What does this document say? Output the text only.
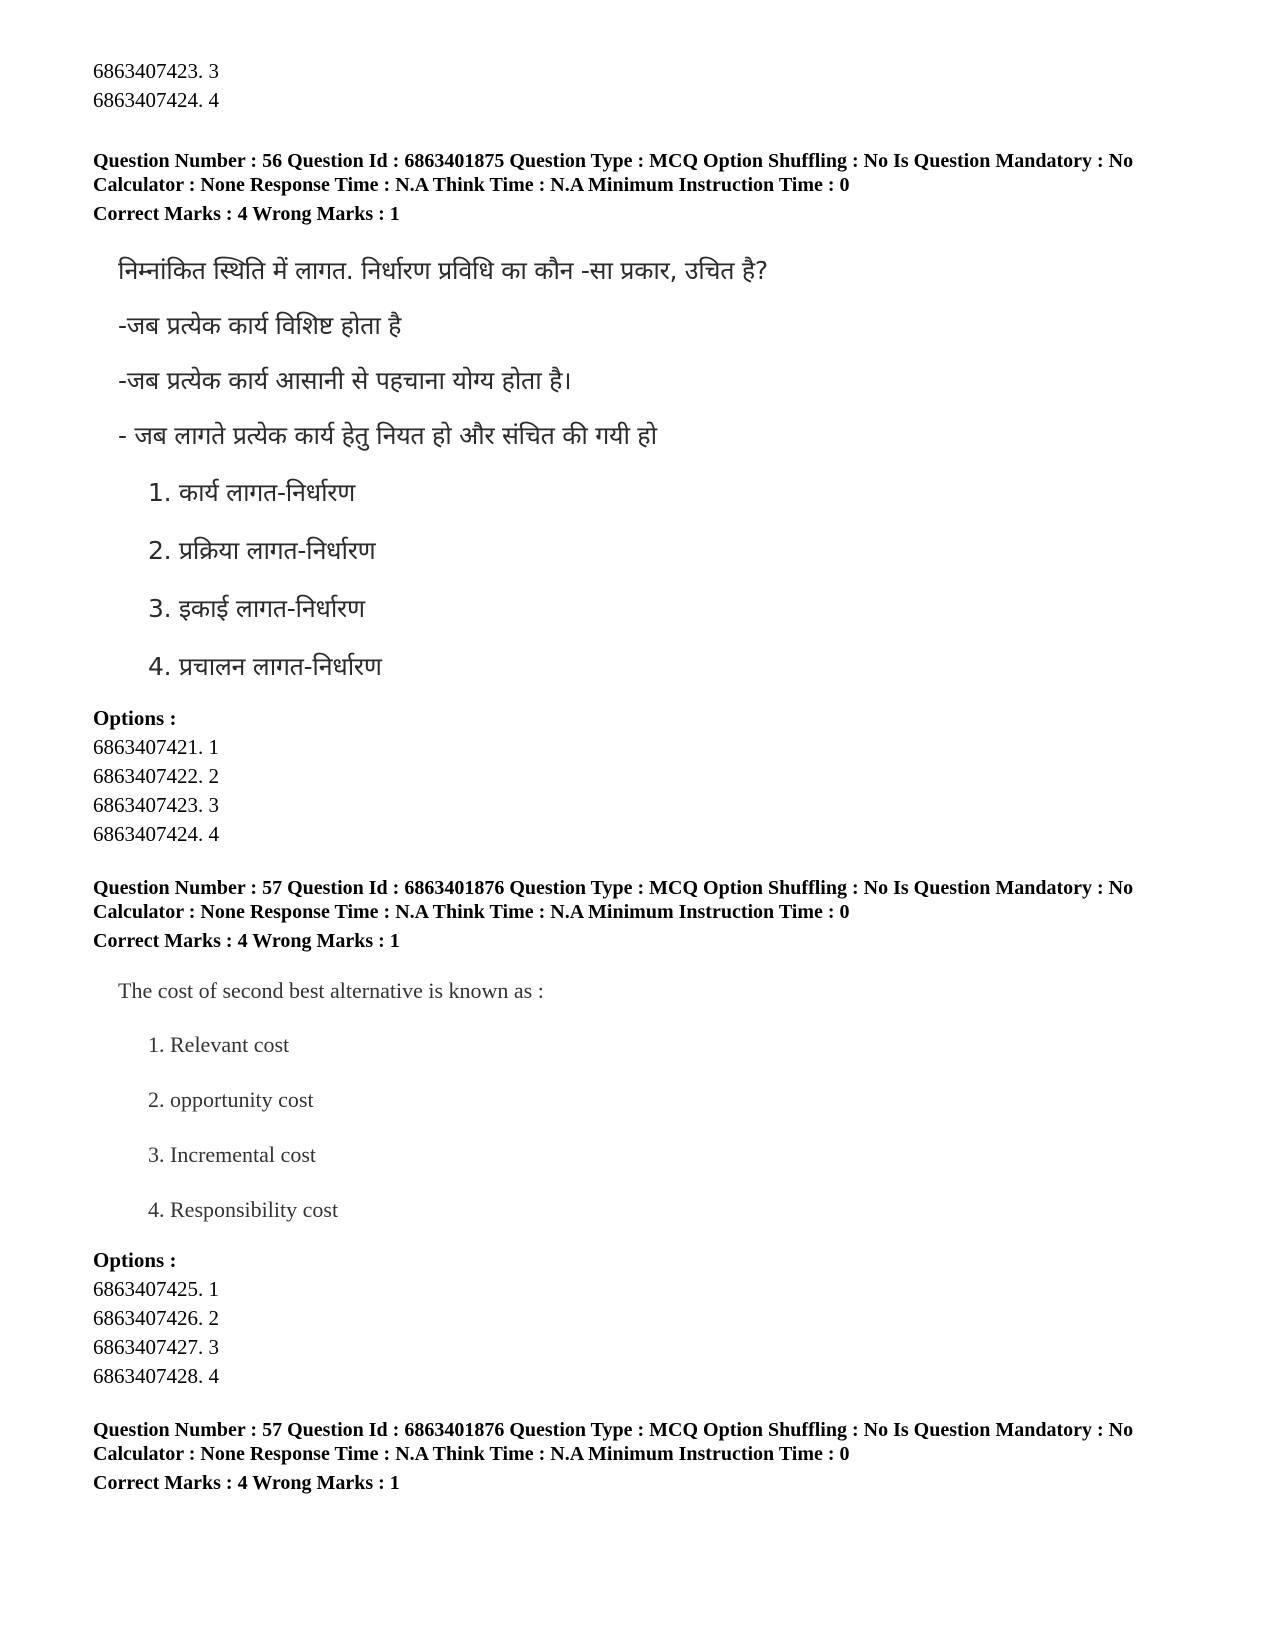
6863407423. 3
6863407424. 4
Question Number : 56 Question Id : 6863401875 Question Type : MCQ Option Shuffling : No Is Question Mandatory : No Calculator : None Response Time : N.A Think Time : N.A Minimum Instruction Time : 0
Correct Marks : 4 Wrong Marks : 1
निम्नांकित स्थिति में लागत. निर्धारण प्रविधि का कौन -सा प्रकार, उचित है?
-जब प्रत्येक कार्य विशिष्ट होता है
-जब प्रत्येक कार्य आसानी से पहचाना योग्य होता है।
- जब लागते प्रत्येक कार्य हेतु नियत हो और संचित की गयी हो
1. कार्य लागत-निर्धारण
2. प्रक्रिया लागत-निर्धारण
3. इकाई लागत-निर्धारण
4. प्रचालन लागत-निर्धारण
Options :
6863407421. 1
6863407422. 2
6863407423. 3
6863407424. 4
Question Number : 57 Question Id : 6863401876 Question Type : MCQ Option Shuffling : No Is Question Mandatory : No Calculator : None Response Time : N.A Think Time : N.A Minimum Instruction Time : 0
Correct Marks : 4 Wrong Marks : 1
The cost of second best alternative is known as :
1. Relevant cost
2. opportunity cost
3. Incremental cost
4. Responsibility cost
Options :
6863407425. 1
6863407426. 2
6863407427. 3
6863407428. 4
Question Number : 57 Question Id : 6863401876 Question Type : MCQ Option Shuffling : No Is Question Mandatory : No Calculator : None Response Time : N.A Think Time : N.A Minimum Instruction Time : 0
Correct Marks : 4 Wrong Marks : 1
